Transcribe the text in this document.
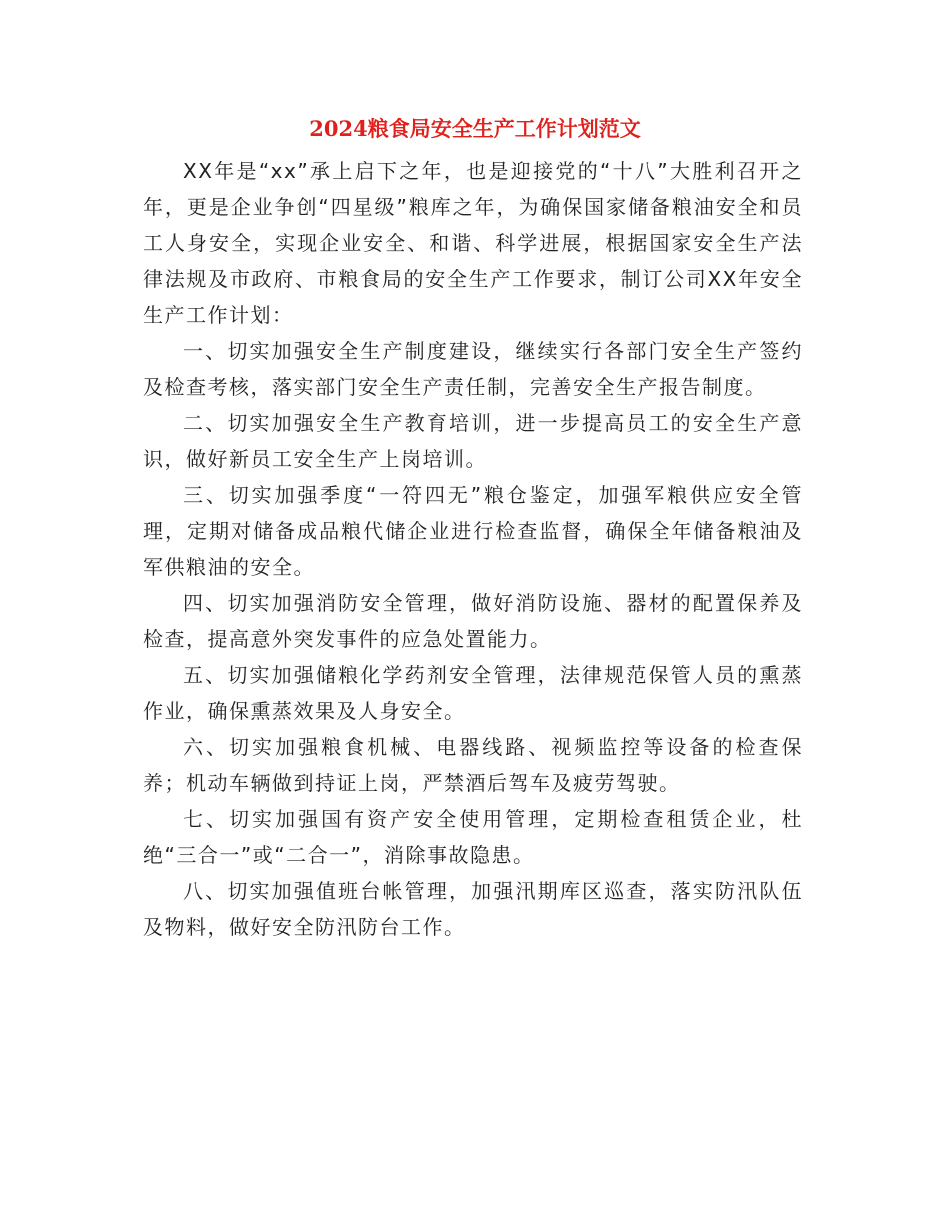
2024粮食局安全生产工作计划范文

XX年是“xx”承上启下之年，也是迎接党的“十八”大胜利召开之年，更是企业争创“四星级”粮库之年，为确保国家储备粮油安全和员工人身安全，实现企业安全、和谐、科学进展，根据国家安全生产法律法规及市政府、市粮食局的安全生产工作要求，制订公司XX年安全生产工作计划：

一、切实加强安全生产制度建设，继续实行各部门安全生产签约及检查考核，落实部门安全生产责任制，完善安全生产报告制度。

二、切实加强安全生产教育培训，进一步提高员工的安全生产意识，做好新员工安全生产上岗培训。

三、切实加强季度“一符四无”粮仓鉴定，加强军粮供应安全管理，定期对储备成品粮代储企业进行检查监督，确保全年储备粮油及军供粮油的安全。

四、切实加强消防安全管理，做好消防设施、器材的配置保养及检查，提高意外突发事件的应急处置能力。

五、切实加强储粮化学药剂安全管理，法律规范保管人员的熏蒸作业，确保熏蒸效果及人身安全。

六、切实加强粮食机械、电器线路、视频监控等设备的检查保养；机动车辆做到持证上岗，严禁酒后驾车及疲劳驾驶。

七、切实加强国有资产安全使用管理，定期检查租赁企业，杜绝“三合一”或“二合一”，消除事故隐患。

八、切实加强值班台帐管理，加强汛期库区巡查，落实防汛队伍及物料，做好安全防汛防台工作。
